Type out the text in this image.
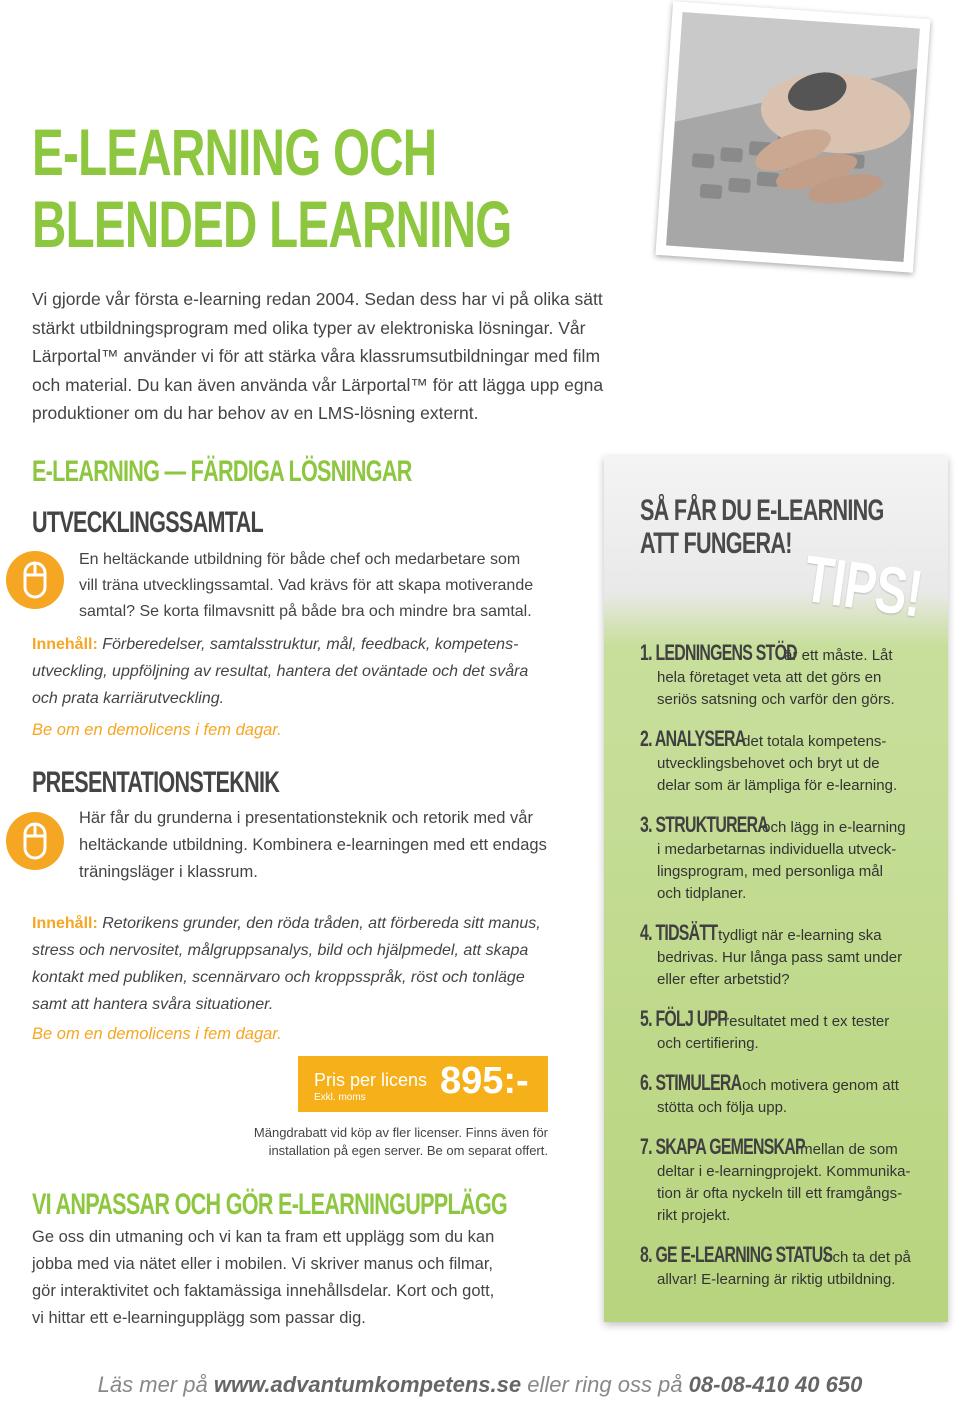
E-LEARNING OCH
BLENDED LEARNING
Vi gjorde vår första e-learning redan 2004. Sedan dess har vi på olika sätt
stärkt utbildningsprogram med olika typer av elektroniska lösningar. Vår
Lärportal™ använder vi för att stärka våra klassrumsutbildningar med film
och material. Du kan även använda vår Lärportal™ för att lägga upp egna
produktioner om du har behov av en LMS-lösning externt.
E-LEARNING — FÄRDIGA LÖSNINGAR
UTVECKLINGSSAMTAL
En heltäckande utbildning för både chef och medarbetare som
vill träna utvecklingssamtal. Vad krävs för att skapa motiverande
samtal? Se korta filmavsnitt på både bra och mindre bra samtal.
Innehåll: Förberedelser, samtalsstruktur, mål, feedback, kompetens-
utveckling, uppföljning av resultat, hantera det oväntade och det svåra
och prata karriärutveckling.
Be om en demolicens i fem dagar.
PRESENTATIONSTEKNIK
Här får du grunderna i presentationsteknik och retorik med vår
heltäckande utbildning. Kombinera e-learningen med ett endags
träningsläger i klassrum.
Innehåll: Retorikens grunder, den röda tråden, att förbereda sitt manus,
stress och nervositet, målgruppsanalys, bild och hjälpmedel, att skapa
kontakt med publiken, scennärvaro och kroppsspråk, röst och tonläge
samt att hantera svåra situationer.
Be om en demolicens i fem dagar.
Pris per licens
Exkl. moms 895:-
Mängdrabatt vid köp av fler licenser. Finns även för
installation på egen server. Be om separat offert.
VI ANPASSAR OCH GÖR E-LEARNINGUPPLÄGG
Ge oss din utmaning och vi kan ta fram ett upplägg som du kan
jobba med via nätet eller i mobilen. Vi skriver manus och filmar,
gör interaktivitet och faktamässiga innehållsdelar. Kort och gott,
vi hittar ett e-learningupplägg som passar dig.
SÅ FÅR DU E-LEARNING
ATT FUNGERA! TIPS!
1. LEDNINGENS STÖD är ett måste. Låt
hela företaget veta att det görs en
seriös satsning och varför den görs.
2. ANALYSERA det totala kompetens-
utvecklingsbehovet och bryt ut de
delar som är lämpliga för e-learning.
3. STRUKTURERA och lägg in e-learning
i medarbetarnas individuella utveck-
lingsprogram, med personliga mål
och tidplaner.
4. TIDSÄTT tydligt när e-learning ska
bedrivas. Hur långa pass samt under
eller efter arbetstid?
5. FÖLJ UPP resultatet med t ex tester
och certifiering.
6. STIMULERA och motivera genom att
stötta och följa upp.
7. SKAPA GEMENSKAP mellan de som
deltar i e-learningprojekt. Kommunika-
tion är ofta nyckeln till ett framgångs-
rikt projekt.
8. GE E-LEARNING STATUS och ta det på
allvar! E-learning är riktig utbildning.
Läs mer på www.advantumkompetens.se eller ring oss på 08-08-410 40 650
